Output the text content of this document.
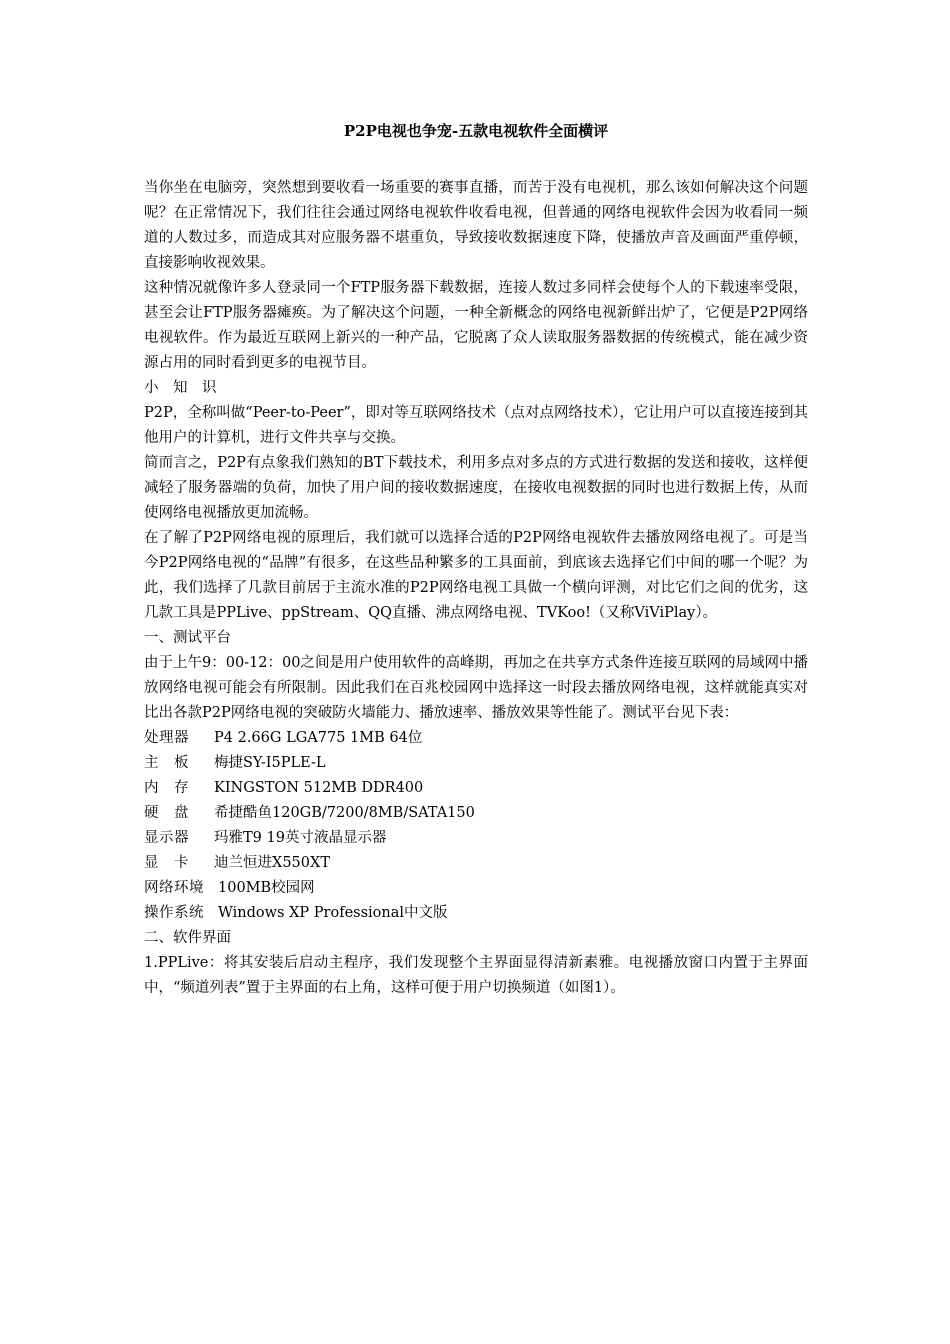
P2P电视也争宠-五款电视软件全面横评

当你坐在电脑旁，突然想到要收看一场重要的赛事直播，而苦于没有电视机，那么该如何解决这个问题呢？在正常情况下，我们往往会通过网络电视软件收看电视，但普通的网络电视软件会因为收看同一频道的人数过多，而造成其对应服务器不堪重负，导致接收数据速度下降，使播放声音及画面严重停顿，直接影响收视效果。

这种情况就像许多人登录同一个FTP服务器下载数据，连接人数过多同样会使每个人的下载速率受限，甚至会让FTP服务器瘫痪。为了解决这个问题，一种全新概念的网络电视新鲜出炉了，它便是P2P网络电视软件。作为最近互联网上新兴的一种产品，它脱离了众人读取服务器数据的传统模式，能在减少资源占用的同时看到更多的电视节目。

小　知　识

P2P，全称叫做“Peer-to-Peer”，即对等互联网络技术（点对点网络技术），它让用户可以直接连接到其他用户的计算机，进行文件共享与交换。

简而言之，P2P有点象我们熟知的BT下载技术，利用多点对多点的方式进行数据的发送和接收，这样便减轻了服务器端的负荷，加快了用户间的接收数据速度，在接收电视数据的同时也进行数据上传，从而使网络电视播放更加流畅。

在了解了P2P网络电视的原理后，我们就可以选择合适的P2P网络电视软件去播放网络电视了。可是当今P2P网络电视的“品牌”有很多，在这些品种繁多的工具面前，到底该去选择它们中间的哪一个呢？为此，我们选择了几款目前居于主流水准的P2P网络电视工具做一个横向评测，对比它们之间的优劣，这几款工具是PPLive、ppStream、QQ直播、沸点网络电视、TVKoo!（又称ViViPlay）。

一、测试平台

由于上午9：00-12：00之间是用户使用软件的高峰期，再加之在共享方式条件连接互联网的局域网中播放网络电视可能会有所限制。因此我们在百兆校园网中选择这一时段去播放网络电视，这样就能真实对比出各款P2P网络电视的突破防火墙能力、播放速率、播放效果等性能了。测试平台见下表：

处理器 P4 2.66G LGA775 1MB 64位

主　板 梅捷SY-I5PLE-L

内　存 KINGSTON 512MB DDR400

硬　盘 希捷酷鱼120GB/7200/8MB/SATA150

显示器 玛雅T9 19英寸液晶显示器

显　卡 迪兰恒进X550XT

网络环境 100MB校园网

操作系统 Windows XP Professional中文版

二、软件界面

1.PPLive：将其安装后启动主程序，我们发现整个主界面显得清新素雅。电视播放窗口内置于主界面中，“频道列表”置于主界面的右上角，这样可便于用户切换频道（如图1）。
